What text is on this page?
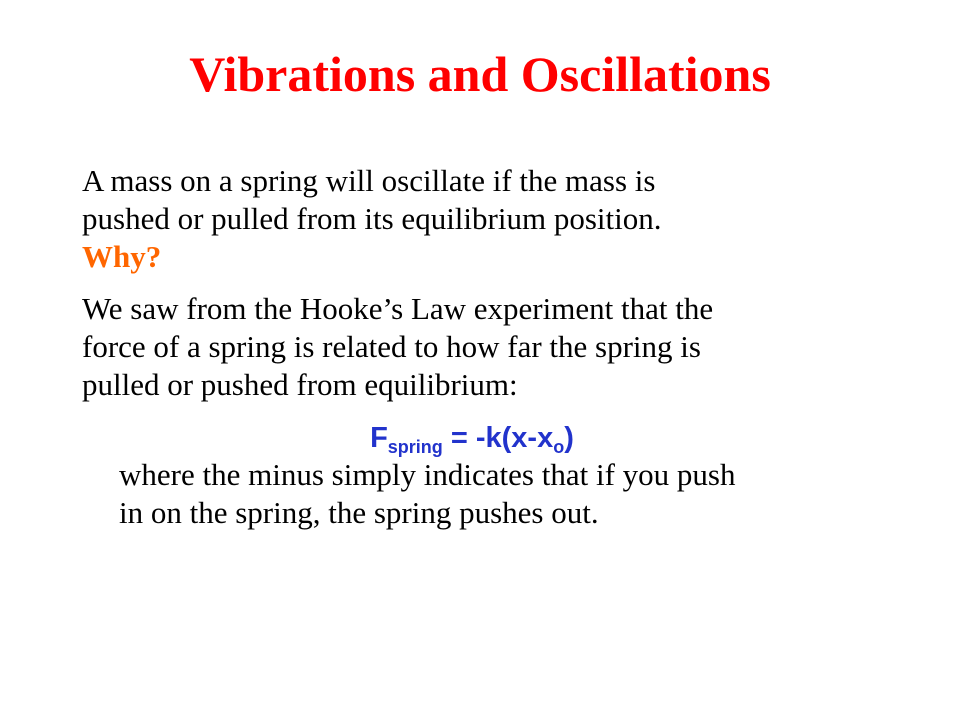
Vibrations and Oscillations

A mass on a spring will oscillate if the mass is
pushed or pulled from its equilibrium position.
Why?

We saw from the Hooke’s Law experiment that the
force of a spring is related to how far the spring is
pulled or pushed from equilibrium:

$F_{spring} = -k(x-x_o)$

where the minus simply indicates that if you push
in on the spring, the spring pushes out.
